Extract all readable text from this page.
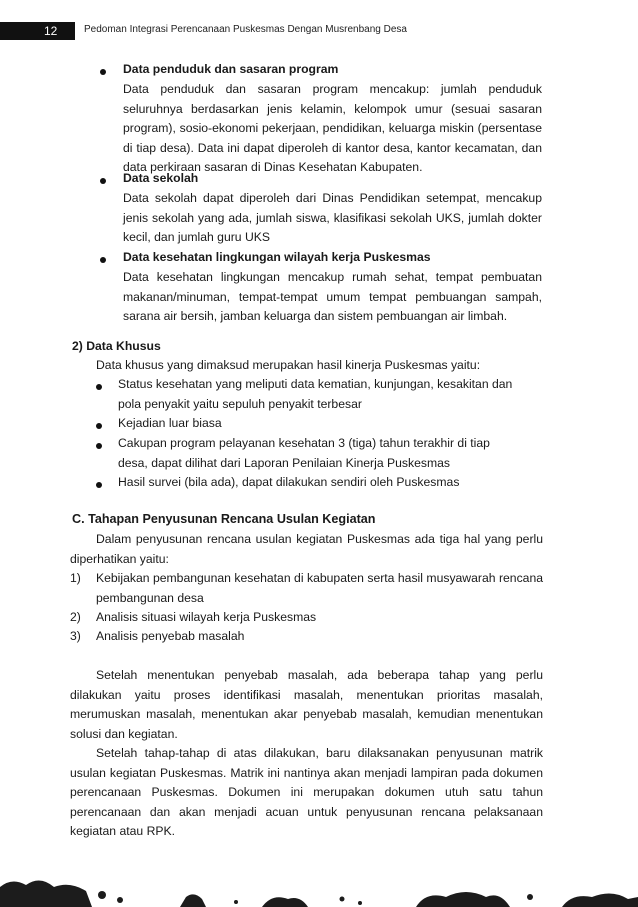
12	Pedoman Integrasi Perencanaan Puskesmas Dengan Musrenbang Desa
Data penduduk dan sasaran program
Data penduduk dan sasaran program mencakup: jumlah penduduk seluruhnya berdasarkan jenis kelamin, kelompok umur (sesuai sasaran program), sosio-ekonomi pekerjaan, pendidikan, keluarga miskin (persentase di tiap desa). Data ini dapat diperoleh di kantor desa, kantor kecamatan, dan data perkiraan sasaran di Dinas Kesehatan Kabupaten.
Data sekolah
Data sekolah dapat diperoleh dari Dinas Pendidikan setempat, mencakup jenis sekolah yang ada, jumlah siswa, klasifikasi sekolah UKS, jumlah dokter kecil, dan jumlah guru UKS
Data kesehatan lingkungan wilayah kerja Puskesmas
Data kesehatan lingkungan mencakup rumah sehat, tempat pembuatan makanan/minuman, tempat-tempat umum tempat pembuangan sampah, sarana air bersih, jamban keluarga dan sistem pembuangan air limbah.
2) Data Khusus
Data khusus yang dimaksud merupakan hasil kinerja Puskesmas yaitu:
Status kesehatan yang meliputi data kematian, kunjungan, kesakitan dan pola penyakit yaitu sepuluh penyakit terbesar
Kejadian luar biasa
Cakupan program pelayanan kesehatan 3 (tiga) tahun terakhir di tiap desa, dapat dilihat dari Laporan Penilaian Kinerja Puskesmas
Hasil survei (bila ada), dapat dilakukan sendiri oleh Puskesmas
C. Tahapan Penyusunan Rencana Usulan Kegiatan
Dalam penyusunan rencana usulan kegiatan Puskesmas ada tiga hal yang perlu diperhatikan yaitu:
1)	Kebijakan pembangunan kesehatan di kabupaten serta hasil musyawarah rencana pembangunan desa
2)	Analisis situasi wilayah kerja Puskesmas
3)	Analisis penyebab masalah
Setelah menentukan penyebab masalah, ada beberapa tahap yang perlu dilakukan yaitu proses identifikasi masalah, menentukan prioritas masalah, merumuskan masalah, menentukan akar penyebab masalah, kemudian menentukan solusi dan kegiatan.
Setelah tahap-tahap di atas dilakukan, baru dilaksanakan penyusunan matrik usulan kegiatan Puskesmas. Matrik ini nantinya akan menjadi lampiran pada dokumen perencanaan Puskesmas. Dokumen ini merupakan dokumen utuh satu tahun perencanaan dan akan menjadi acuan untuk penyusunan rencana pelaksanaan kegiatan atau RPK.
